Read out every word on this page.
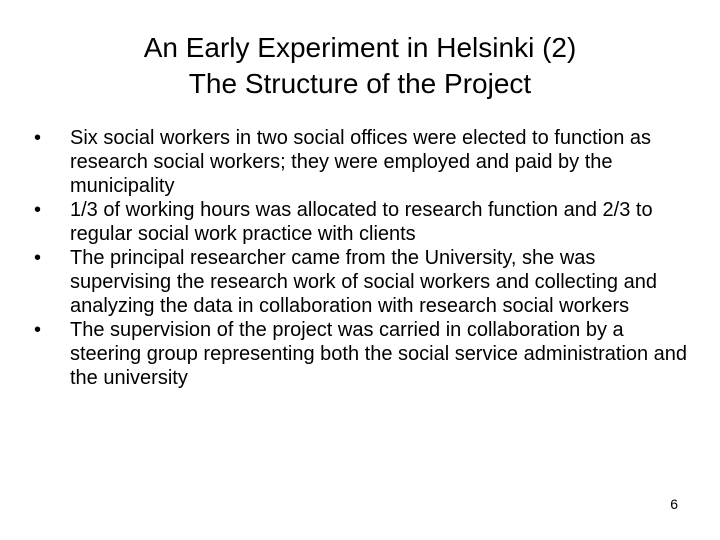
An Early Experiment in Helsinki (2)
The Structure of the Project
• Six social workers in two social offices were elected to function as research social workers; they were employed and paid by the municipality
• 1/3 of working hours was allocated to research function and 2/3 to regular social work practice with clients
• The principal researcher came from the University, she was supervising the research work of social workers and collecting and analyzing the data in collaboration with research social workers
• The supervision of the project was carried in collaboration by a steering group representing both the social service administration and the university
6
